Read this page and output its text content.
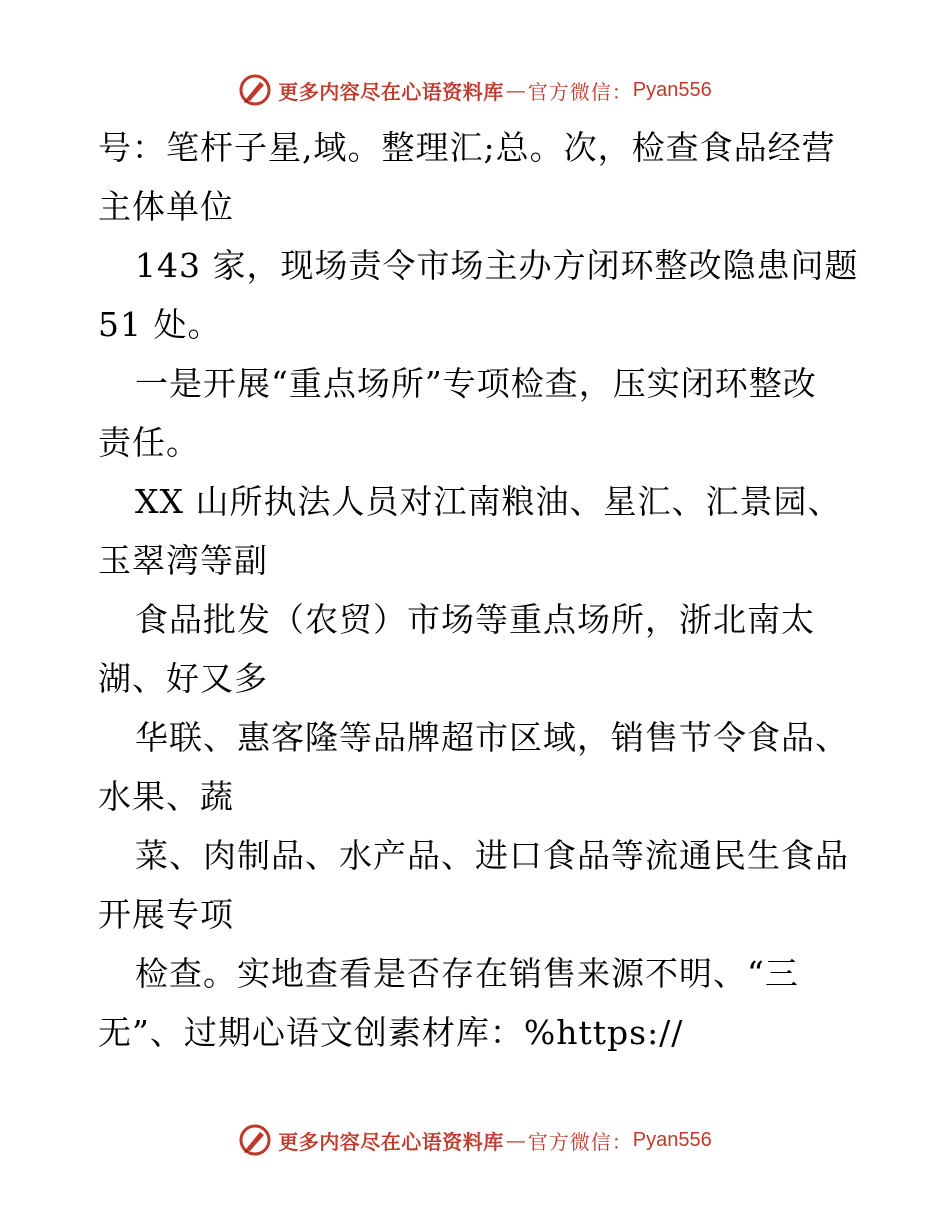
更多内容尽在心语资料库 — 官方微信： Pyan556
号：笔杆子星,域。整理汇;总。次，检查食品经营
主体单位
143 家，现场责令市场主办方闭环整改隐患问题
51 处。
一是开展“重点场所”专项检查，压实闭环整改
责任。
XX 山所执法人员对江南粮油、星汇、汇景园、
玉翠湾等副
食品批发（农贸）市场等重点场所，浙北南太
湖、好又多
华联、惠客隆等品牌超市区域，销售节令食品、
水果、蔬
菜、肉制品、水产品、进口食品等流通民生食品
开展专项
检查。实地查看是否存在销售来源不明、“三
无”、过期心语文创素材库：%https://
更多内容尽在心语资料库 — 官方微信： Pyan556
